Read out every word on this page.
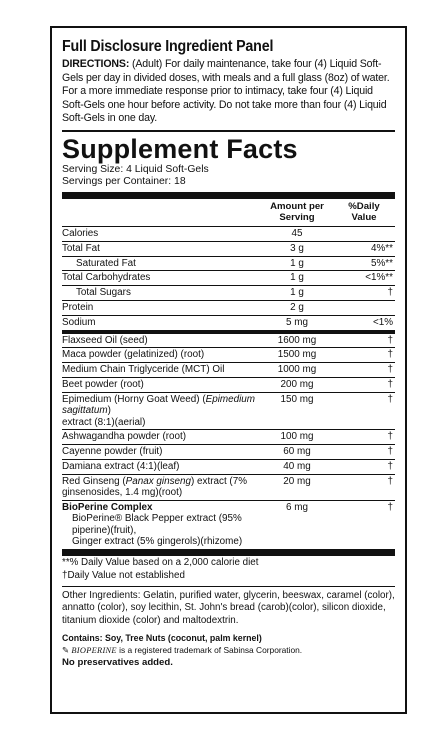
Full Disclosure Ingredient Panel
DIRECTIONS: (Adult) For daily maintenance, take four (4) Liquid Soft-Gels per day in divided doses, with meals and a full glass (8oz) of water. For a more immediate response prior to intimacy, take four (4) Liquid Soft-Gels one hour before activity. Do not take more than four (4) Liquid Soft-Gels in one day.
Supplement Facts
Serving Size: 4 Liquid Soft-Gels
Servings per Container: 18
Amount per
Serving
%Daily
Value
Calories	45
Total Fat	3 g	4%**
Saturated Fat	1 g	5%**
Total Carbohydrates	1 g	<1%**
Total Sugars	1 g	†
Protein	2 g
Sodium	5 mg	<1%
Flaxseed Oil (seed)	1600 mg	†
Maca powder (gelatinized) (root)	1500 mg	†
Medium Chain Triglyceride (MCT) Oil	1000 mg	†
Beet powder (root)	200 mg	†
Epimedium (Horny Goat Weed) (Epimedium sagittatum)
extract (8:1)(aerial)
150 mg	†
Ashwagandha powder (root)	100 mg	†
Cayenne powder (fruit)	60 mg	†
Damiana extract (4:1)(leaf)	40 mg	†
Red Ginseng (Panax ginseng) extract (7%
ginsenosides, 1.4 mg)(root)
20 mg	†
BioPerine Complex
BioPerine® Black Pepper extract (95% piperine)(fruit),
Ginger extract (5% gingerols)(rhizome)
6 mg	†
**% Daily Value based on a 2,000 calorie diet
†Daily Value not established
Other Ingredients: Gelatin, purified water, glycerin, beeswax, caramel (color), annatto (color), soy lecithin, St. John's bread (carob)(color), silicon dioxide, titanium dioxide (color) and maltodextrin.
Contains: Soy, Tree Nuts (coconut, palm kernel)
✎ BIOPERINE is a registered trademark of Sabinsa Corporation.
No preservatives added.
